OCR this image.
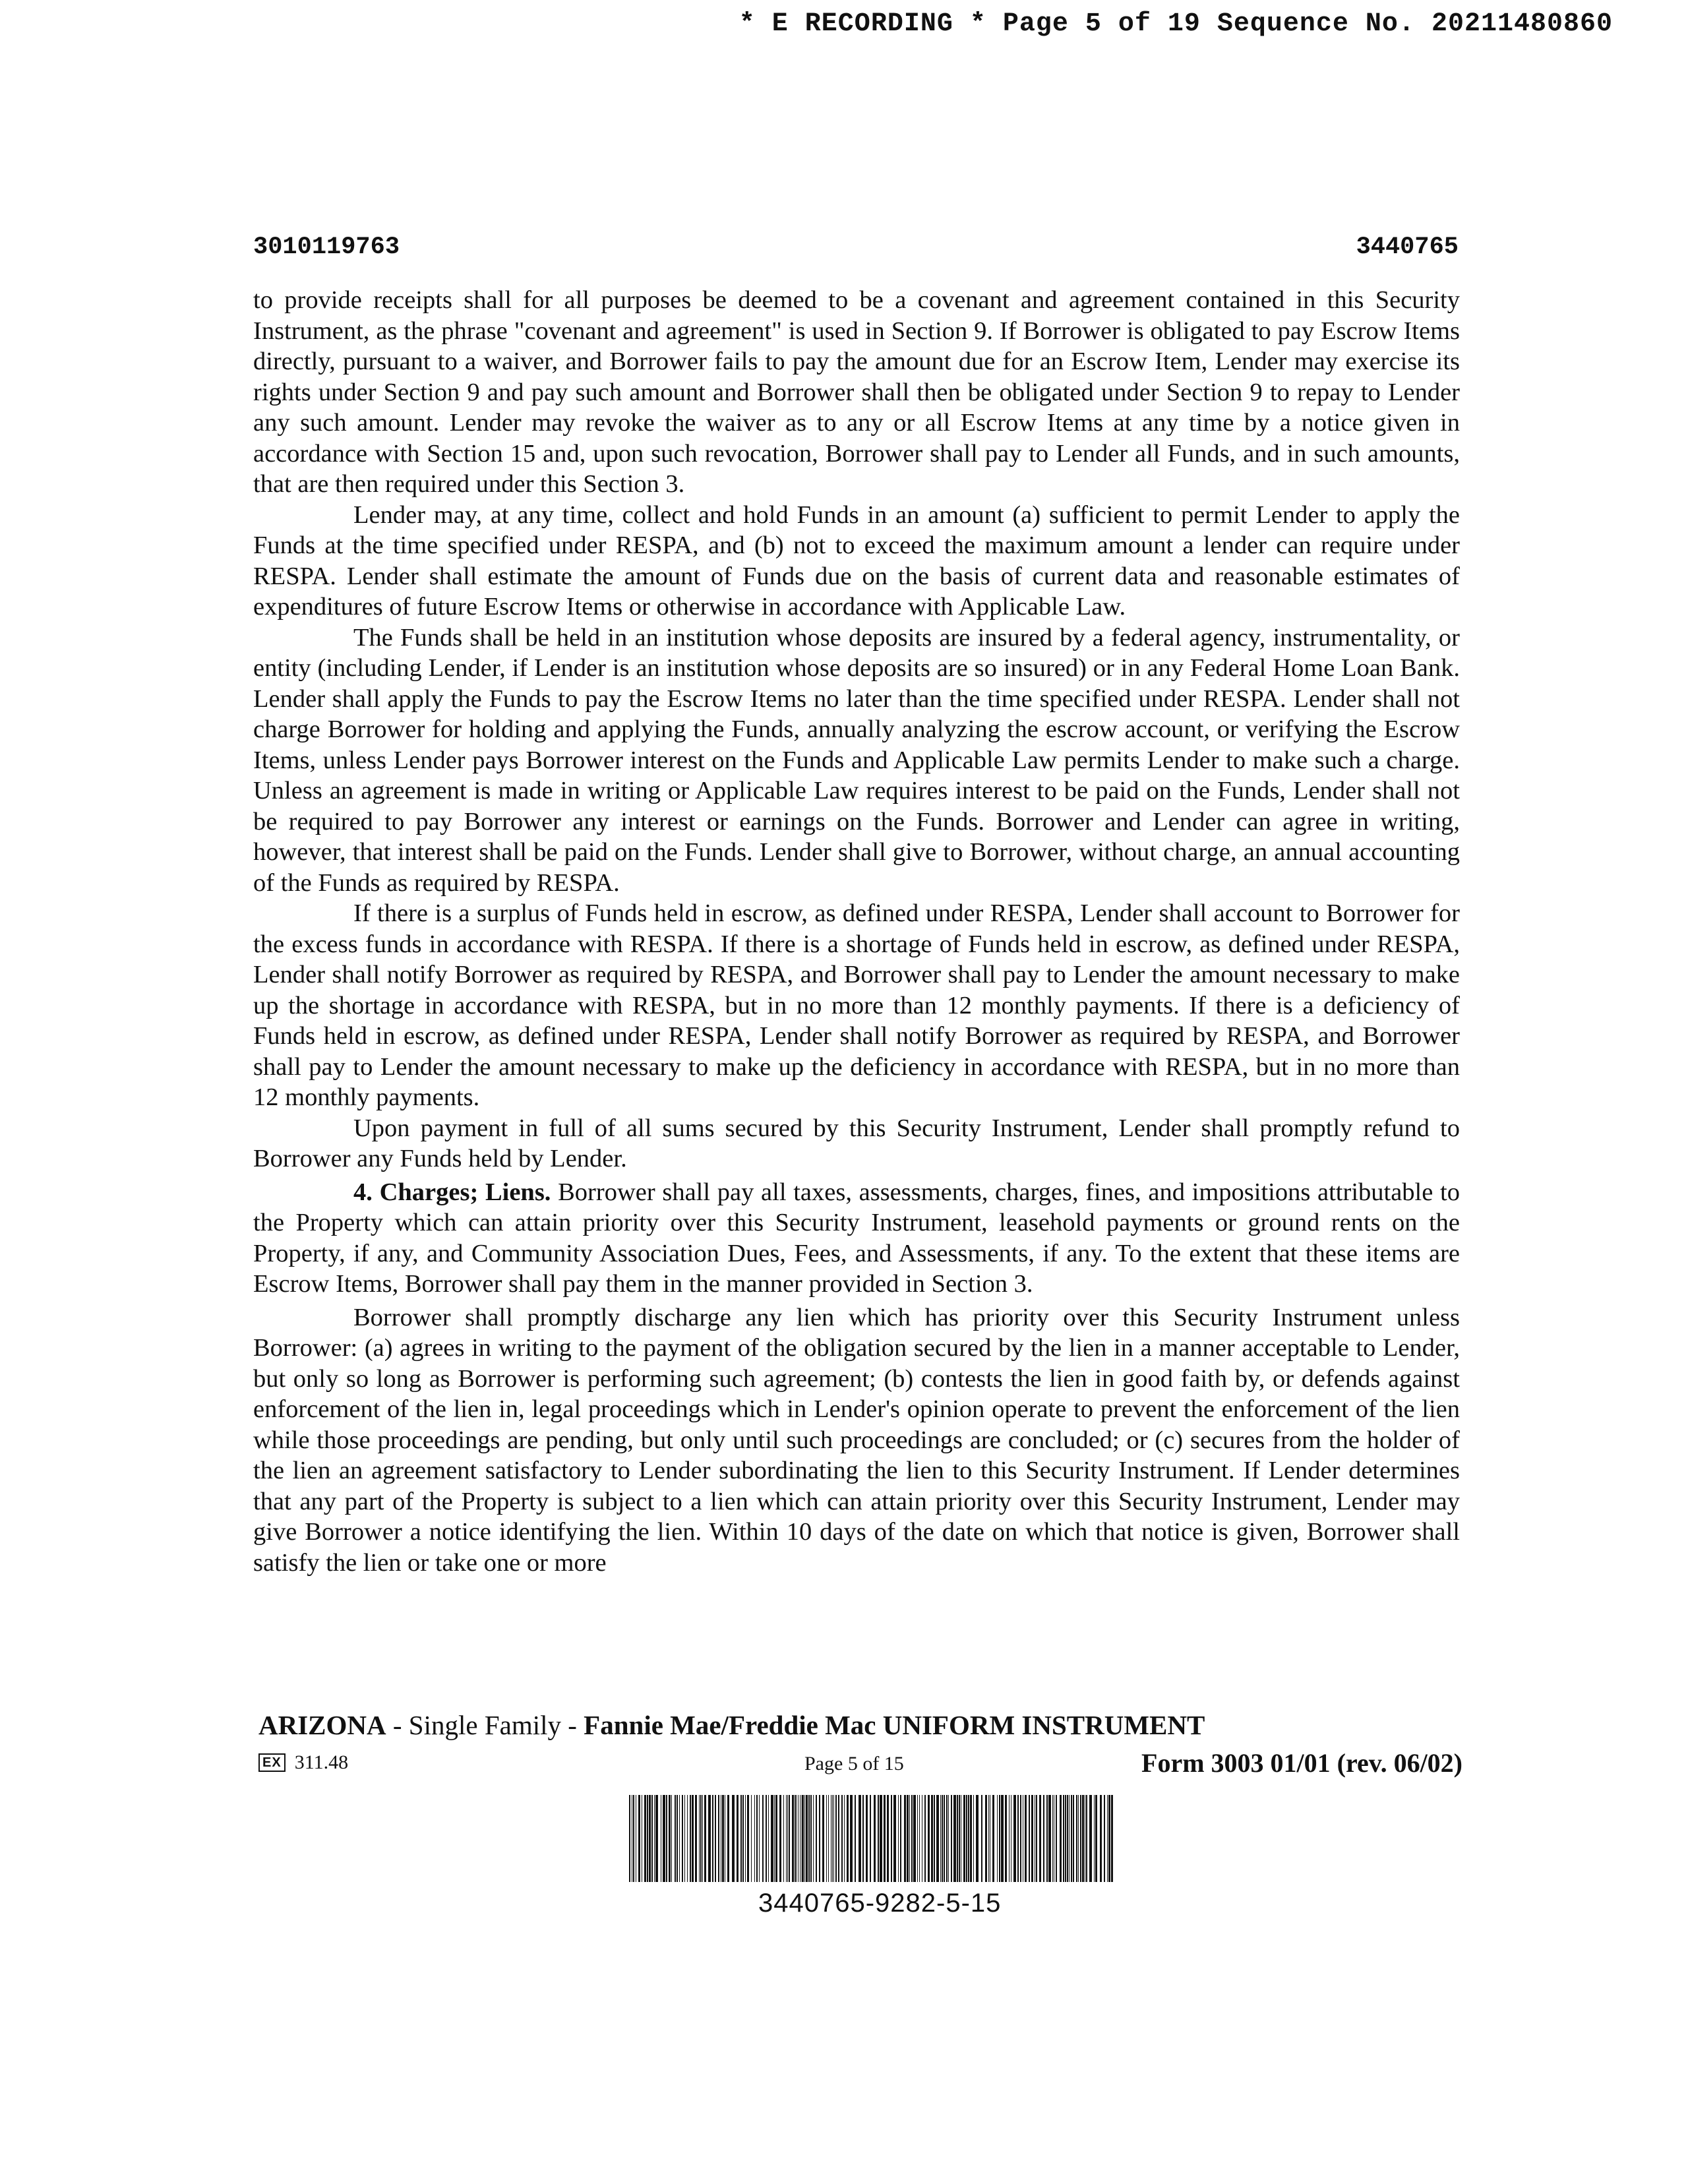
* E RECORDING * Page 5 of 19 Sequence No. 20211480860
3010119763	3440765

to provide receipts shall for all purposes be deemed to be a covenant and agreement contained in this Security Instrument, as the phrase "covenant and agreement" is used in Section 9. If Borrower is obligated to pay Escrow Items directly, pursuant to a waiver, and Borrower fails to pay the amount due for an Escrow Item, Lender may exercise its rights under Section 9 and pay such amount and Borrower shall then be obligated under Section 9 to repay to Lender any such amount. Lender may revoke the waiver as to any or all Escrow Items at any time by a notice given in accordance with Section 15 and, upon such revocation, Borrower shall pay to Lender all Funds, and in such amounts, that are then required under this Section 3.

Lender may, at any time, collect and hold Funds in an amount (a) sufficient to permit Lender to apply the Funds at the time specified under RESPA, and (b) not to exceed the maximum amount a lender can require under RESPA. Lender shall estimate the amount of Funds due on the basis of current data and reasonable estimates of expenditures of future Escrow Items or otherwise in accordance with Applicable Law.

The Funds shall be held in an institution whose deposits are insured by a federal agency, instrumentality, or entity (including Lender, if Lender is an institution whose deposits are so insured) or in any Federal Home Loan Bank. Lender shall apply the Funds to pay the Escrow Items no later than the time specified under RESPA. Lender shall not charge Borrower for holding and applying the Funds, annually analyzing the escrow account, or verifying the Escrow Items, unless Lender pays Borrower interest on the Funds and Applicable Law permits Lender to make such a charge. Unless an agreement is made in writing or Applicable Law requires interest to be paid on the Funds, Lender shall not be required to pay Borrower any interest or earnings on the Funds. Borrower and Lender can agree in writing, however, that interest shall be paid on the Funds. Lender shall give to Borrower, without charge, an annual accounting of the Funds as required by RESPA.

If there is a surplus of Funds held in escrow, as defined under RESPA, Lender shall account to Borrower for the excess funds in accordance with RESPA. If there is a shortage of Funds held in escrow, as defined under RESPA, Lender shall notify Borrower as required by RESPA, and Borrower shall pay to Lender the amount necessary to make up the shortage in accordance with RESPA, but in no more than 12 monthly payments. If there is a deficiency of Funds held in escrow, as defined under RESPA, Lender shall notify Borrower as required by RESPA, and Borrower shall pay to Lender the amount necessary to make up the deficiency in accordance with RESPA, but in no more than 12 monthly payments.

Upon payment in full of all sums secured by this Security Instrument, Lender shall promptly refund to Borrower any Funds held by Lender.

4. Charges; Liens. Borrower shall pay all taxes, assessments, charges, fines, and impositions attributable to the Property which can attain priority over this Security Instrument, leasehold payments or ground rents on the Property, if any, and Community Association Dues, Fees, and Assessments, if any. To the extent that these items are Escrow Items, Borrower shall pay them in the manner provided in Section 3.

Borrower shall promptly discharge any lien which has priority over this Security Instrument unless Borrower: (a) agrees in writing to the payment of the obligation secured by the lien in a manner acceptable to Lender, but only so long as Borrower is performing such agreement; (b) contests the lien in good faith by, or defends against enforcement of the lien in, legal proceedings which in Lender's opinion operate to prevent the enforcement of the lien while those proceedings are pending, but only until such proceedings are concluded; or (c) secures from the holder of the lien an agreement satisfactory to Lender subordinating the lien to this Security Instrument. If Lender determines that any part of the Property is subject to a lien which can attain priority over this Security Instrument, Lender may give Borrower a notice identifying the lien. Within 10 days of the date on which that notice is given, Borrower shall satisfy the lien or take one or more

ARIZONA - Single Family - Fannie Mae/Freddie Mac UNIFORM INSTRUMENT
EX 311.48	Page 5 of 15	Form 3003 01/01 (rev. 06/02)
3440765-9282-5-15
